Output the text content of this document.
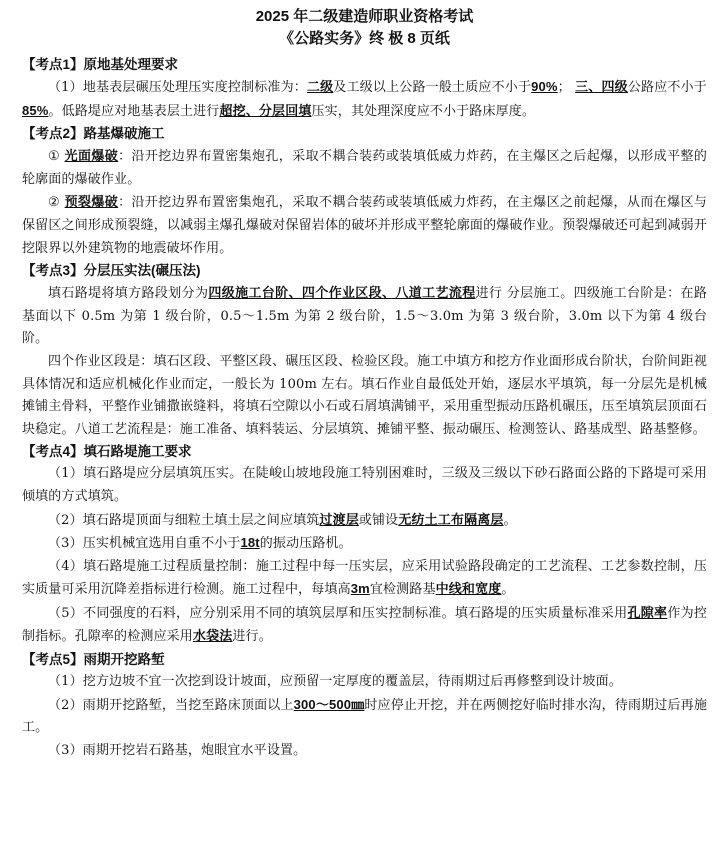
2025 年二级建造师职业资格考试
《公路实务》终 极 8 页纸
【考点1】原地基处理要求
（1）地基表层碾压处理压实度控制标准为：二级及工级以上公路一般土质应不小于90%； 三、四级公路应不小于85%。低路堤应对地基表层土进行超挖、分层回填压实，其处理深度应不小于路床厚度。
【考点2】路基爆破施工
① 光面爆破：沿开挖边界布置密集炮孔，采取不耦合装药或装填低威力炸药，在主爆区之后起爆，以形成平整的轮廓面的爆破作业。
② 预裂爆破：沿开挖边界布置密集炮孔，采取不耦合装药或装填低威力炸药，在主爆区之前起爆，从而在爆区与保留区之间形成预裂缝，以减弱主爆孔爆破对保留岩体的破坏并形成平整轮廓面的爆破作业。预裂爆破还可起到减弱开挖限界以外建筑物的地震破坏作用。
【考点3】分层压实法(碾压法)
填石路堤将填方路段划分为四级施工台阶、四个作业区段、八道工艺流程进行 分层施工。四级施工台阶是：在路基面以下 0.5m 为第 1 级台阶，0.5～1.5m 为第 2 级台阶，1.5～3.0m 为第 3 级台阶，3.0m 以下为第 4 级台阶。
四个作业区段是：填石区段、平整区段、碾压区段、检验区段。施工中填方和挖方作业面形成台阶状，台阶间距视具体情况和适应机械化作业而定，一般长为 100m 左右。填石作业自最低处开始，逐层水平填筑，每一分层先是机械摊铺主骨料，平整作业铺撒嵌缝料，将填石空隙以小石或石屑填满铺平，采用重型振动压路机碾压，压至填筑层顶面石块稳定。八道工艺流程是：施工准备、填料装运、分层填筑、摊铺平整、振动碾压、检测签认、路基成型、路基整修。
【考点4】填石路堤施工要求
（1）填石路堤应分层填筑压实。在陡峻山坡地段施工特别困难时，三级及三级以下砂石路面公路的下路堤可采用倾填的方式填筑。
（2）填石路堤顶面与细粒土填土层之间应填筑过渡层或铺设无纺土工布隔离层。
（3）压实机械宜选用自重不小于18t的振动压路机。
（4）填石路堤施工过程质量控制：施工过程中每一压实层，应采用试验路段确定的工艺流程、工艺参数控制，压实质量可采用沉降差指标进行检测。施工过程中，每填高3m宜检测路基中线和宽度。
（5）不同强度的石料，应分别采用不同的填筑层厚和压实控制标准。填石路堤的压实质量标准采用孔隙率作为控制指标。孔隙率的检测应采用水袋法进行。
【考点5】雨期开挖路堑
（1）挖方边坡不宜一次挖到设计坡面，应预留一定厚度的覆盖层，待雨期过后再修整到设计坡面。
（2）雨期开挖路堑，当挖至路床顶面以上300～500㎜时应停止开挖，并在两侧挖好临时排水沟，待雨期过后再施工。
（3）雨期开挖岩石路基，炮眼宜水平设置。
